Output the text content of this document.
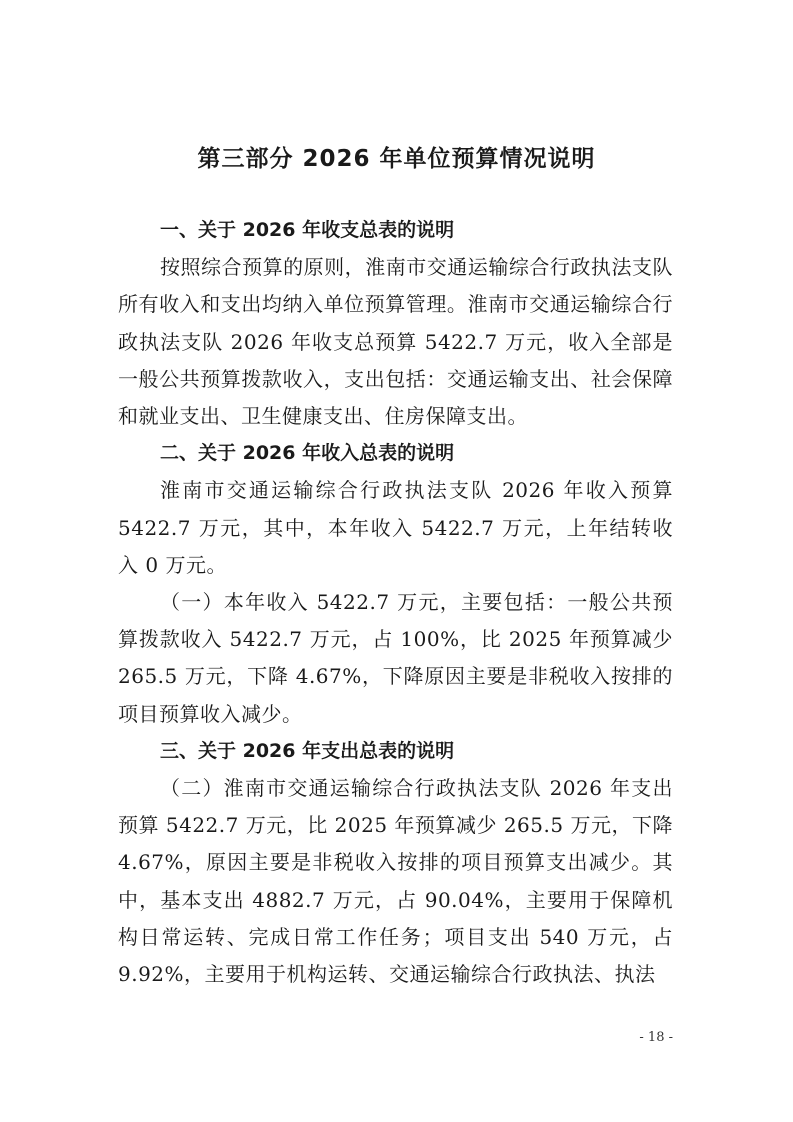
第三部分 2026 年单位预算情况说明
一、关于 2026 年收支总表的说明

按照综合预算的原则，淮南市交通运输综合行政执法支队所有收入和支出均纳入单位预算管理。淮南市交通运输综合行政执法支队 2026 年收支总预算 5422.7 万元，收入全部是一般公共预算拨款收入，支出包括：交通运输支出、社会保障和就业支出、卫生健康支出、住房保障支出。

二、关于 2026 年收入总表的说明

淮南市交通运输综合行政执法支队 2026 年收入预算 5422.7 万元，其中，本年收入 5422.7 万元，上年结转收入 0 万元。

（一）本年收入 5422.7 万元，主要包括：一般公共预算拨款收入 5422.7 万元，占 100%，比 2025 年预算减少 265.5 万元，下降 4.67%，下降原因主要是非税收入按排的项目预算收入减少。

三、关于 2026 年支出总表的说明

（二）淮南市交通运输综合行政执法支队 2026 年支出预算 5422.7 万元，比 2025 年预算减少 265.5 万元，下降 4.67%，原因主要是非税收入按排的项目预算支出减少。其中，基本支出 4882.7 万元，占 90.04%，主要用于保障机构日常运转、完成日常工作任务；项目支出 540 万元，占 9.92%，主要用于机构运转、交通运输综合行政执法、执法

- 18 -
